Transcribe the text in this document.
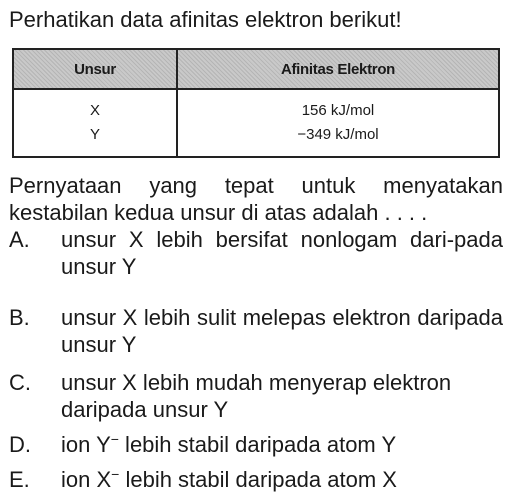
Perhatikan data afinitas elektron berikut!
Unsur	Afinitas Elektron
X	156 kJ/mol
Y	−349 kJ/mol
Pernyataan yang tepat untuk menyatakan kestabilan kedua unsur di atas adalah . . . .
A. unsur X lebih bersifat nonlogam dari-pada unsur Y
B. unsur X lebih sulit melepas elektron daripada unsur Y
C. unsur X lebih mudah menyerap elektron daripada unsur Y
D. ion Y− lebih stabil daripada atom Y
E. ion X− lebih stabil daripada atom X
